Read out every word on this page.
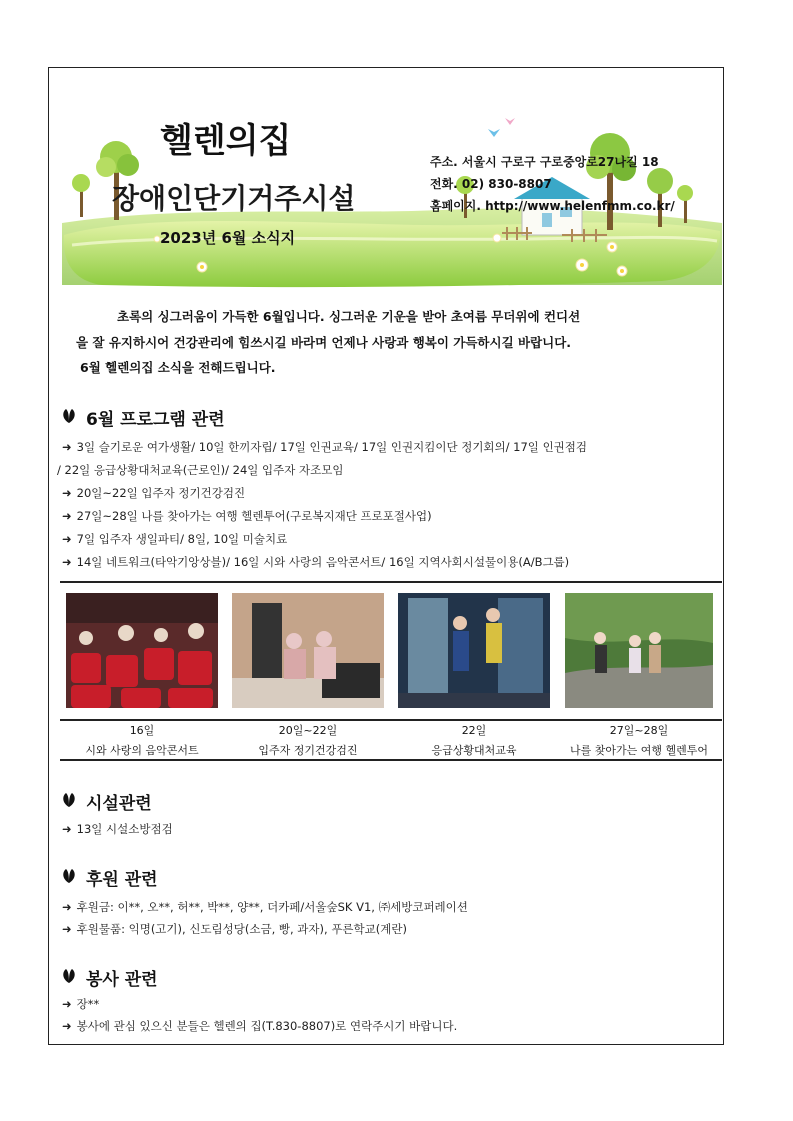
헬렌의집
장애인단기거주시설
2023년 6월 소식지
주소. 서울시 구로구 구로중앙로27나길 18
전화. 02) 830-8807
홈페이지. http://www.helenfmm.co.kr/
초록의 싱그러움이 가득한 6월입니다. 싱그러운 기운을 받아 초여름 무더위에 컨디션
을 잘 유지하시어 건강관리에 힘쓰시길 바라며 언제나 사랑과 행복이 가득하시길 바랍니다.
6월 헬렌의집 소식을 전해드립니다.
6월 프로그램 관련
➜ 3일 슬기로운 여가생활/ 10일 한끼자립/ 17일 인권교육/ 17일 인권지킴이단 정기회의/ 17일 인권점검
/ 22일 응급상황대처교육(근로인)/ 24일 입주자 자조모임
➜ 20일~22일 입주자 정기건강검진
➜ 27일~28일 나를 찾아가는 여행 헬렌투어(구로복지재단 프로포절사업)
➜ 7일 입주자 생일파티/ 8일, 10일 미술치료
➜ 14일 네트워크(타악기앙상블)/ 16일 시와 사랑의 음악콘서트/ 16일 지역사회시설물이용(A/B그룹)
16일
시와 사랑의 음악콘서트
20일~22일
입주자 정기건강검진
22일
응급상황대처교육
27일~28일
나를 찾아가는 여행 헬렌투어
시설관련
➜ 13일 시설소방점검
후원 관련
➜ 후원금: 이**, 오**, 허**, 박**, 양**, 더카페/서울숲SK V1, ㈜세방코퍼레이션
➜ 후원물품: 익명(고기), 신도림성당(소금, 빵, 과자), 푸른학교(계란)
봉사 관련
➜ 장**
➜ 봉사에 관심 있으신 분들은 헬렌의 집(T.830-8807)로 연락주시기 바랍니다.
